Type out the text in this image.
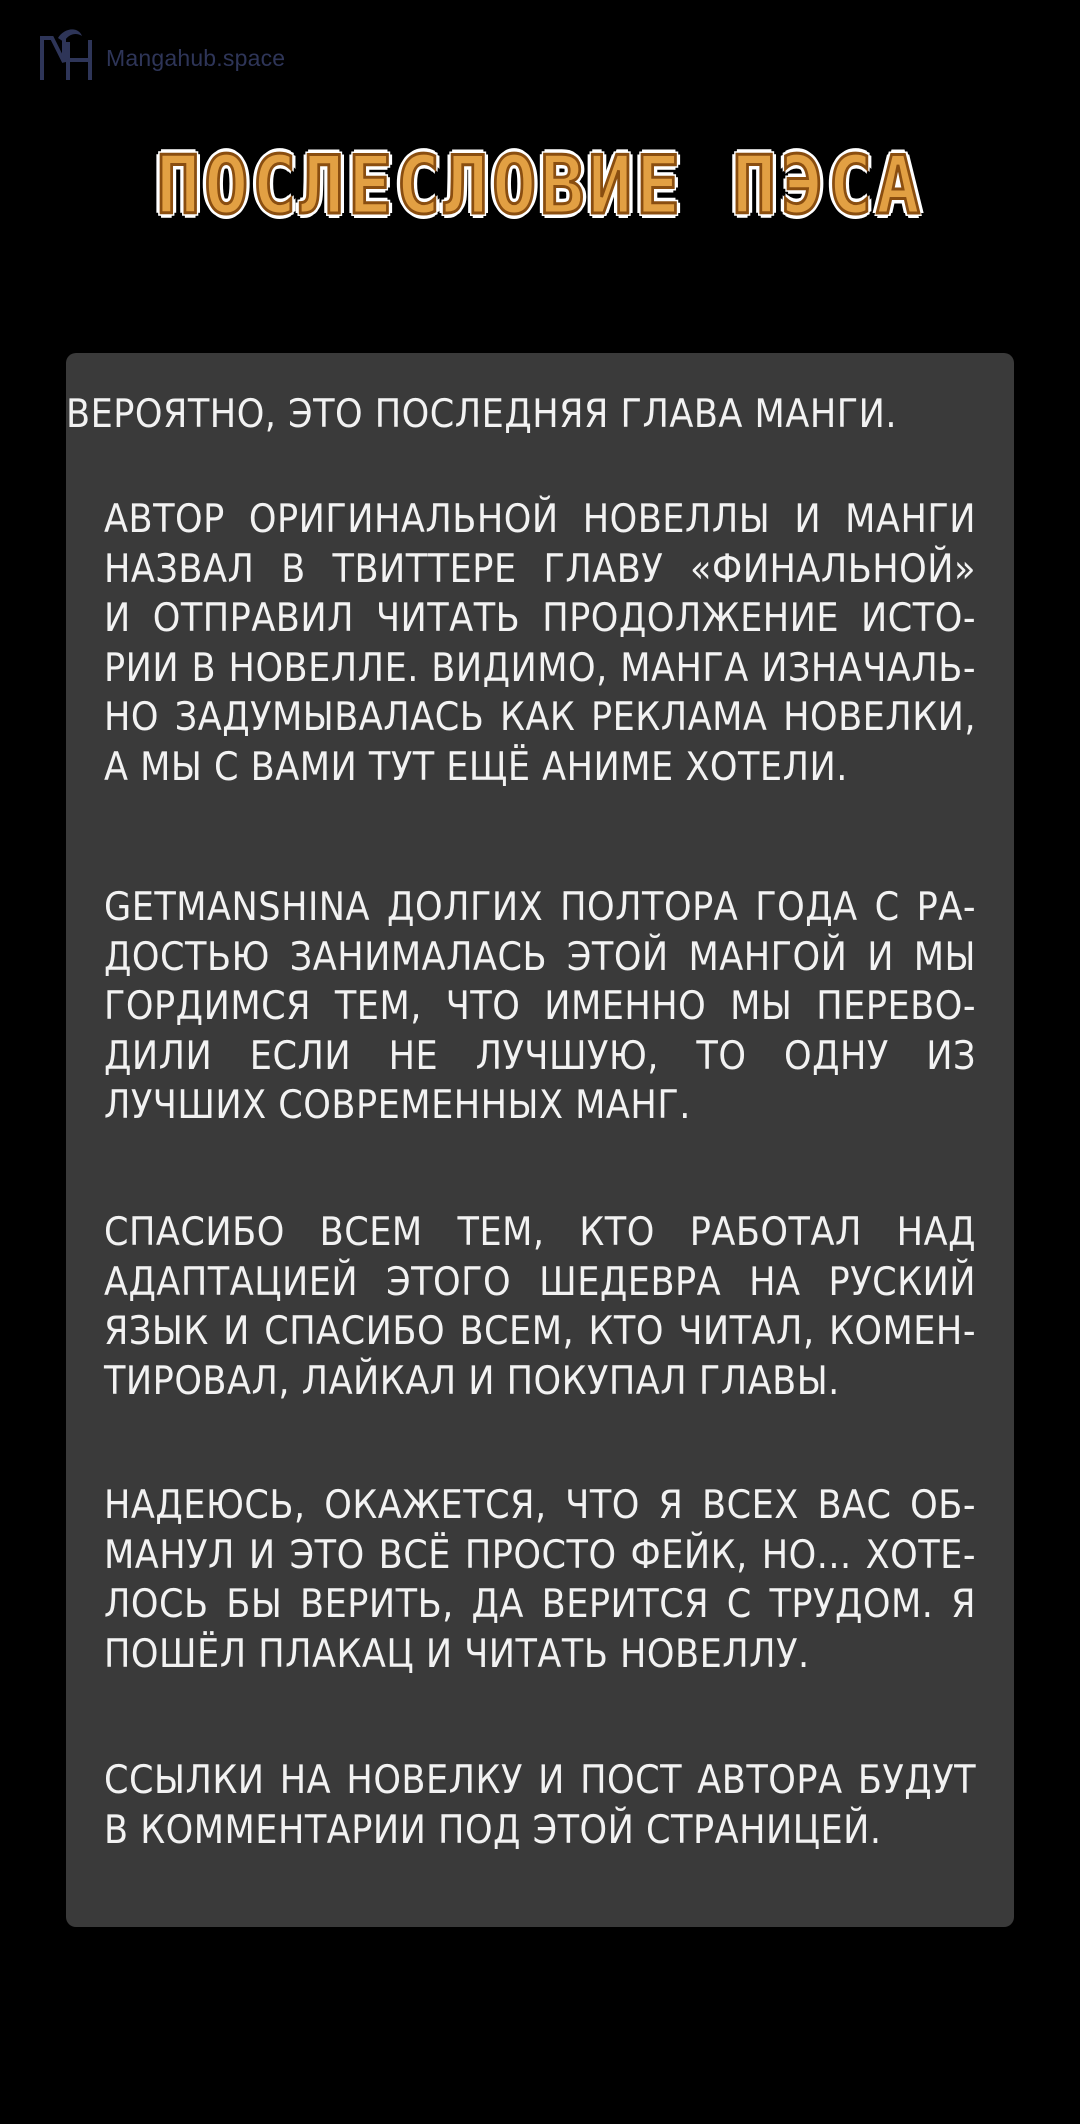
Mangahub.space
ПОСЛЕСЛОВИЕ ПЭСА

ВЕРОЯТНО, ЭТО ПОСЛЕДНЯЯ ГЛАВА МАНГИ.

АВТОР ОРИГИНАЛЬНОЙ НОВЕЛЛЫ И МАНГИ
НАЗВАЛ В ТВИТТЕРЕ ГЛАВУ «ФИНАЛЬНОЙ»
И ОТПРАВИЛ ЧИТАТЬ ПРОДОЛЖЕНИЕ ИСТО-
РИИ В НОВЕЛЛЕ. ВИДИМО, МАНГА ИЗНАЧАЛЬ-
НО ЗАДУМЫВАЛАСЬ КАК РЕКЛАМА НОВЕЛКИ,
А МЫ С ВАМИ ТУТ ЕЩЁ АНИМЕ ХОТЕЛИ.

GETMANSHINA ДОЛГИХ ПОЛТОРА ГОДА С РА-
ДОСТЬЮ ЗАНИМАЛАСЬ ЭТОЙ МАНГОЙ И МЫ
ГОРДИМСЯ ТЕМ, ЧТО ИМЕННО МЫ ПЕРЕВО-
ДИЛИ ЕСЛИ НЕ ЛУЧШУЮ, ТО ОДНУ ИЗ
ЛУЧШИХ СОВРЕМЕННЫХ МАНГ.

СПАСИБО ВСЕМ ТЕМ, КТО РАБОТАЛ НАД
АДАПТАЦИЕЙ ЭТОГО ШЕДЕВРА НА РУСКИЙ
ЯЗЫК И СПАСИБО ВСЕМ, КТО ЧИТАЛ, КОМЕН-
ТИРОВАЛ, ЛАЙКАЛ И ПОКУПАЛ ГЛАВЫ.

НАДЕЮСЬ, ОКАЖЕТСЯ, ЧТО Я ВСЕХ ВАС ОБ-
МАНУЛ И ЭТО ВСЁ ПРОСТО ФЕЙК, НО... ХОТЕ-
ЛОСЬ БЫ ВЕРИТЬ, ДА ВЕРИТСЯ С ТРУДОМ. Я
ПОШЁЛ ПЛАКАЦ И ЧИТАТЬ НОВЕЛЛУ.

ССЫЛКИ НА НОВЕЛКУ И ПОСТ АВТОРА БУДУТ
В КОММЕНТАРИИ ПОД ЭТОЙ СТРАНИЦЕЙ.
